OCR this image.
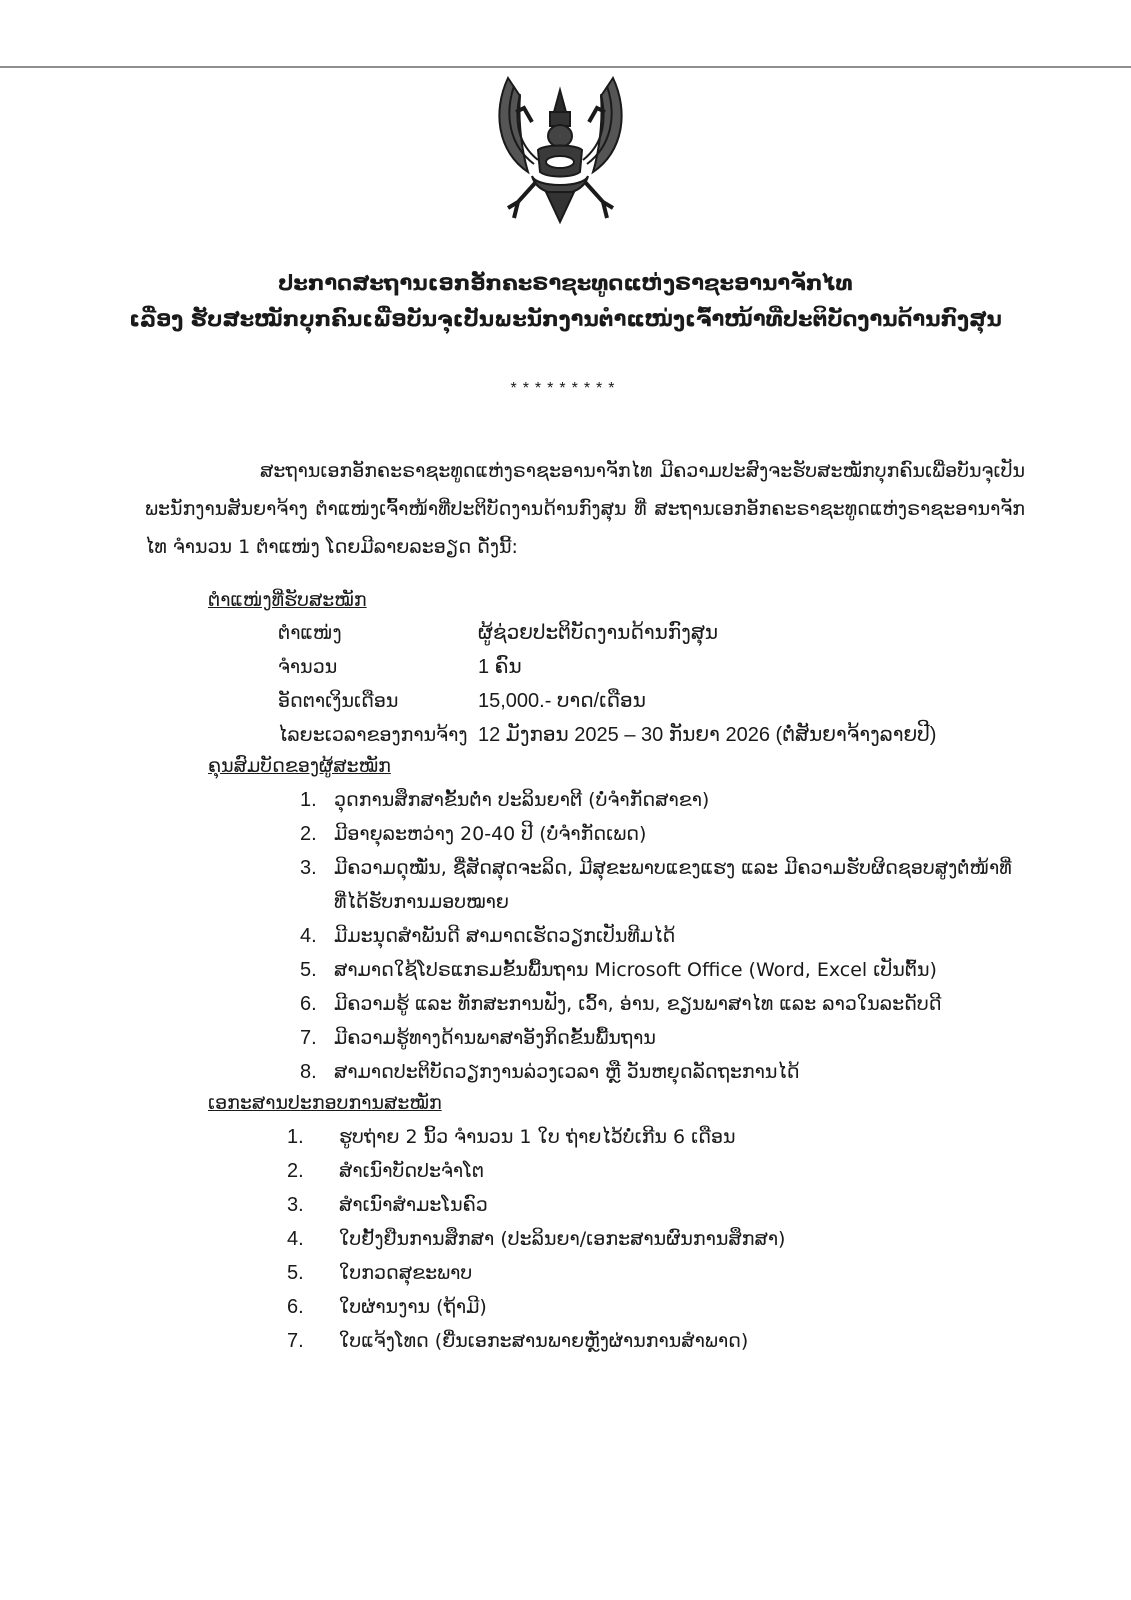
ປະກາດສະຖານເອກອັກຄະຣາຊະທູດແຫ່ງຣາຊະອານາຈັກໄທ
ເລື່ອງ ຮັບສະໝັກບຸກຄົນເພື່ອບັນຈຸເປັນພະນັກງານຕຳແໜ່ງເຈົ້າໜ້າທີ່ປະຕິບັດງານດ້ານກົງສຸນ
*********
ສະຖານເອກອັກຄະຣາຊະທູດແຫ່ງຣາຊະອານາຈັກໄທ ມີຄວາມປະສົງຈະຮັບສະໝັກບຸກຄົນເພື່ອບັນຈຸເປັນພະນັກງານສັນຍາຈ້າງ ຕຳແໜ່ງເຈົ້າໜ້າທີ່ປະຕິບັດງານດ້ານກົງສຸນ ທີ່ ສະຖານເອກອັກຄະຣາຊະທູດແຫ່ງຣາຊະອານາຈັກໄທ ຈຳນວນ 1 ຕຳແໜ່ງ ໂດຍມີລາຍລະອຽດ ດັ່ງນີ້:
ຕຳແໜ່ງທີ່ຮັບສະໝັກ
ຕຳແໜ່ງ	ຜູ້ຊ່ວຍປະຕິບັດງານດ້ານກົງສຸນ
ຈຳນວນ	1 ຄົນ
ອັດຕາເງິນເດືອນ	15,000.- ບາດ/ເດືອນ
ໄລຍະເວລາຂອງການຈ້າງ 12 ມັງກອນ 2025 – 30 ກັນຍາ 2026 (ຕໍ່ສັນຍາຈ້າງລາຍປີ)
ຄຸນສົມບັດຂອງຜູ້ສະໝັກ
1. ວຸດການສຶກສາຂັ້ນຕ່ຳ ປະລິນຍາຕີ (ບໍ່ຈຳກັດສາຂາ)
2. ມີອາຍຸລະຫວ່າງ 20-40 ປີ (ບໍ່ຈຳກັດເພດ)
3. ມີຄວາມດຸໝັ່ນ, ຊື່ສັດສຸດຈະລິດ, ມີສຸຂະພາບແຂງແຮງ ແລະ ມີຄວາມຮັບຜິດຊອບສູງຕໍ່ໜ້າທີ່ທີ່ໄດ້ຮັບການມອບໝາຍ
4. ມີມະນຸດສຳພັນດີ ສາມາດເຮັດວຽກເປັນທີມໄດ້
5. ສາມາດໃຊ້ໂປຣແກຣມຂັ້ນພື້ນຖານ Microsoft Office (Word, Excel ເປັນຕົ້ນ)
6. ມີຄວາມຮູ້ ແລະ ທັກສະການຟັງ, ເວົ້າ, ອ່ານ, ຂຽນພາສາໄທ ແລະ ລາວໃນລະດັບດີ
7. ມີຄວາມຮູ້ທາງດ້ານພາສາອັງກິດຂັ້ນພື້ນຖານ
8. ສາມາດປະຕິບັດວຽກງານລ່ວງເວລາ ຫຼື ວັນຫຍຸດລັດຖະການໄດ້
ເອກະສານປະກອບການສະໝັກ
1.	ຮູບຖ່າຍ 2 ນິ້ວ ຈຳນວນ 1 ໃບ ຖ່າຍໄວ້ບໍ່ເກີນ 6 ເດືອນ
2.	ສຳເນົາບັດປະຈຳໂຕ
3.	ສຳເນົາສຳມະໂນຄົວ
4.	ໃບຢັ້ງຢືນການສຶກສາ (ປະລິນຍາ/ເອກະສານຜົນການສຶກສາ)
5.	ໃບກວດສຸຂະພາບ
6.	ໃບຜ່ານງານ (ຖ້າມີ)
7.	ໃບແຈ້ງໂທດ (ຍື່ນເອກະສານພາຍຫຼັງຜ່ານການສຳພາດ)
